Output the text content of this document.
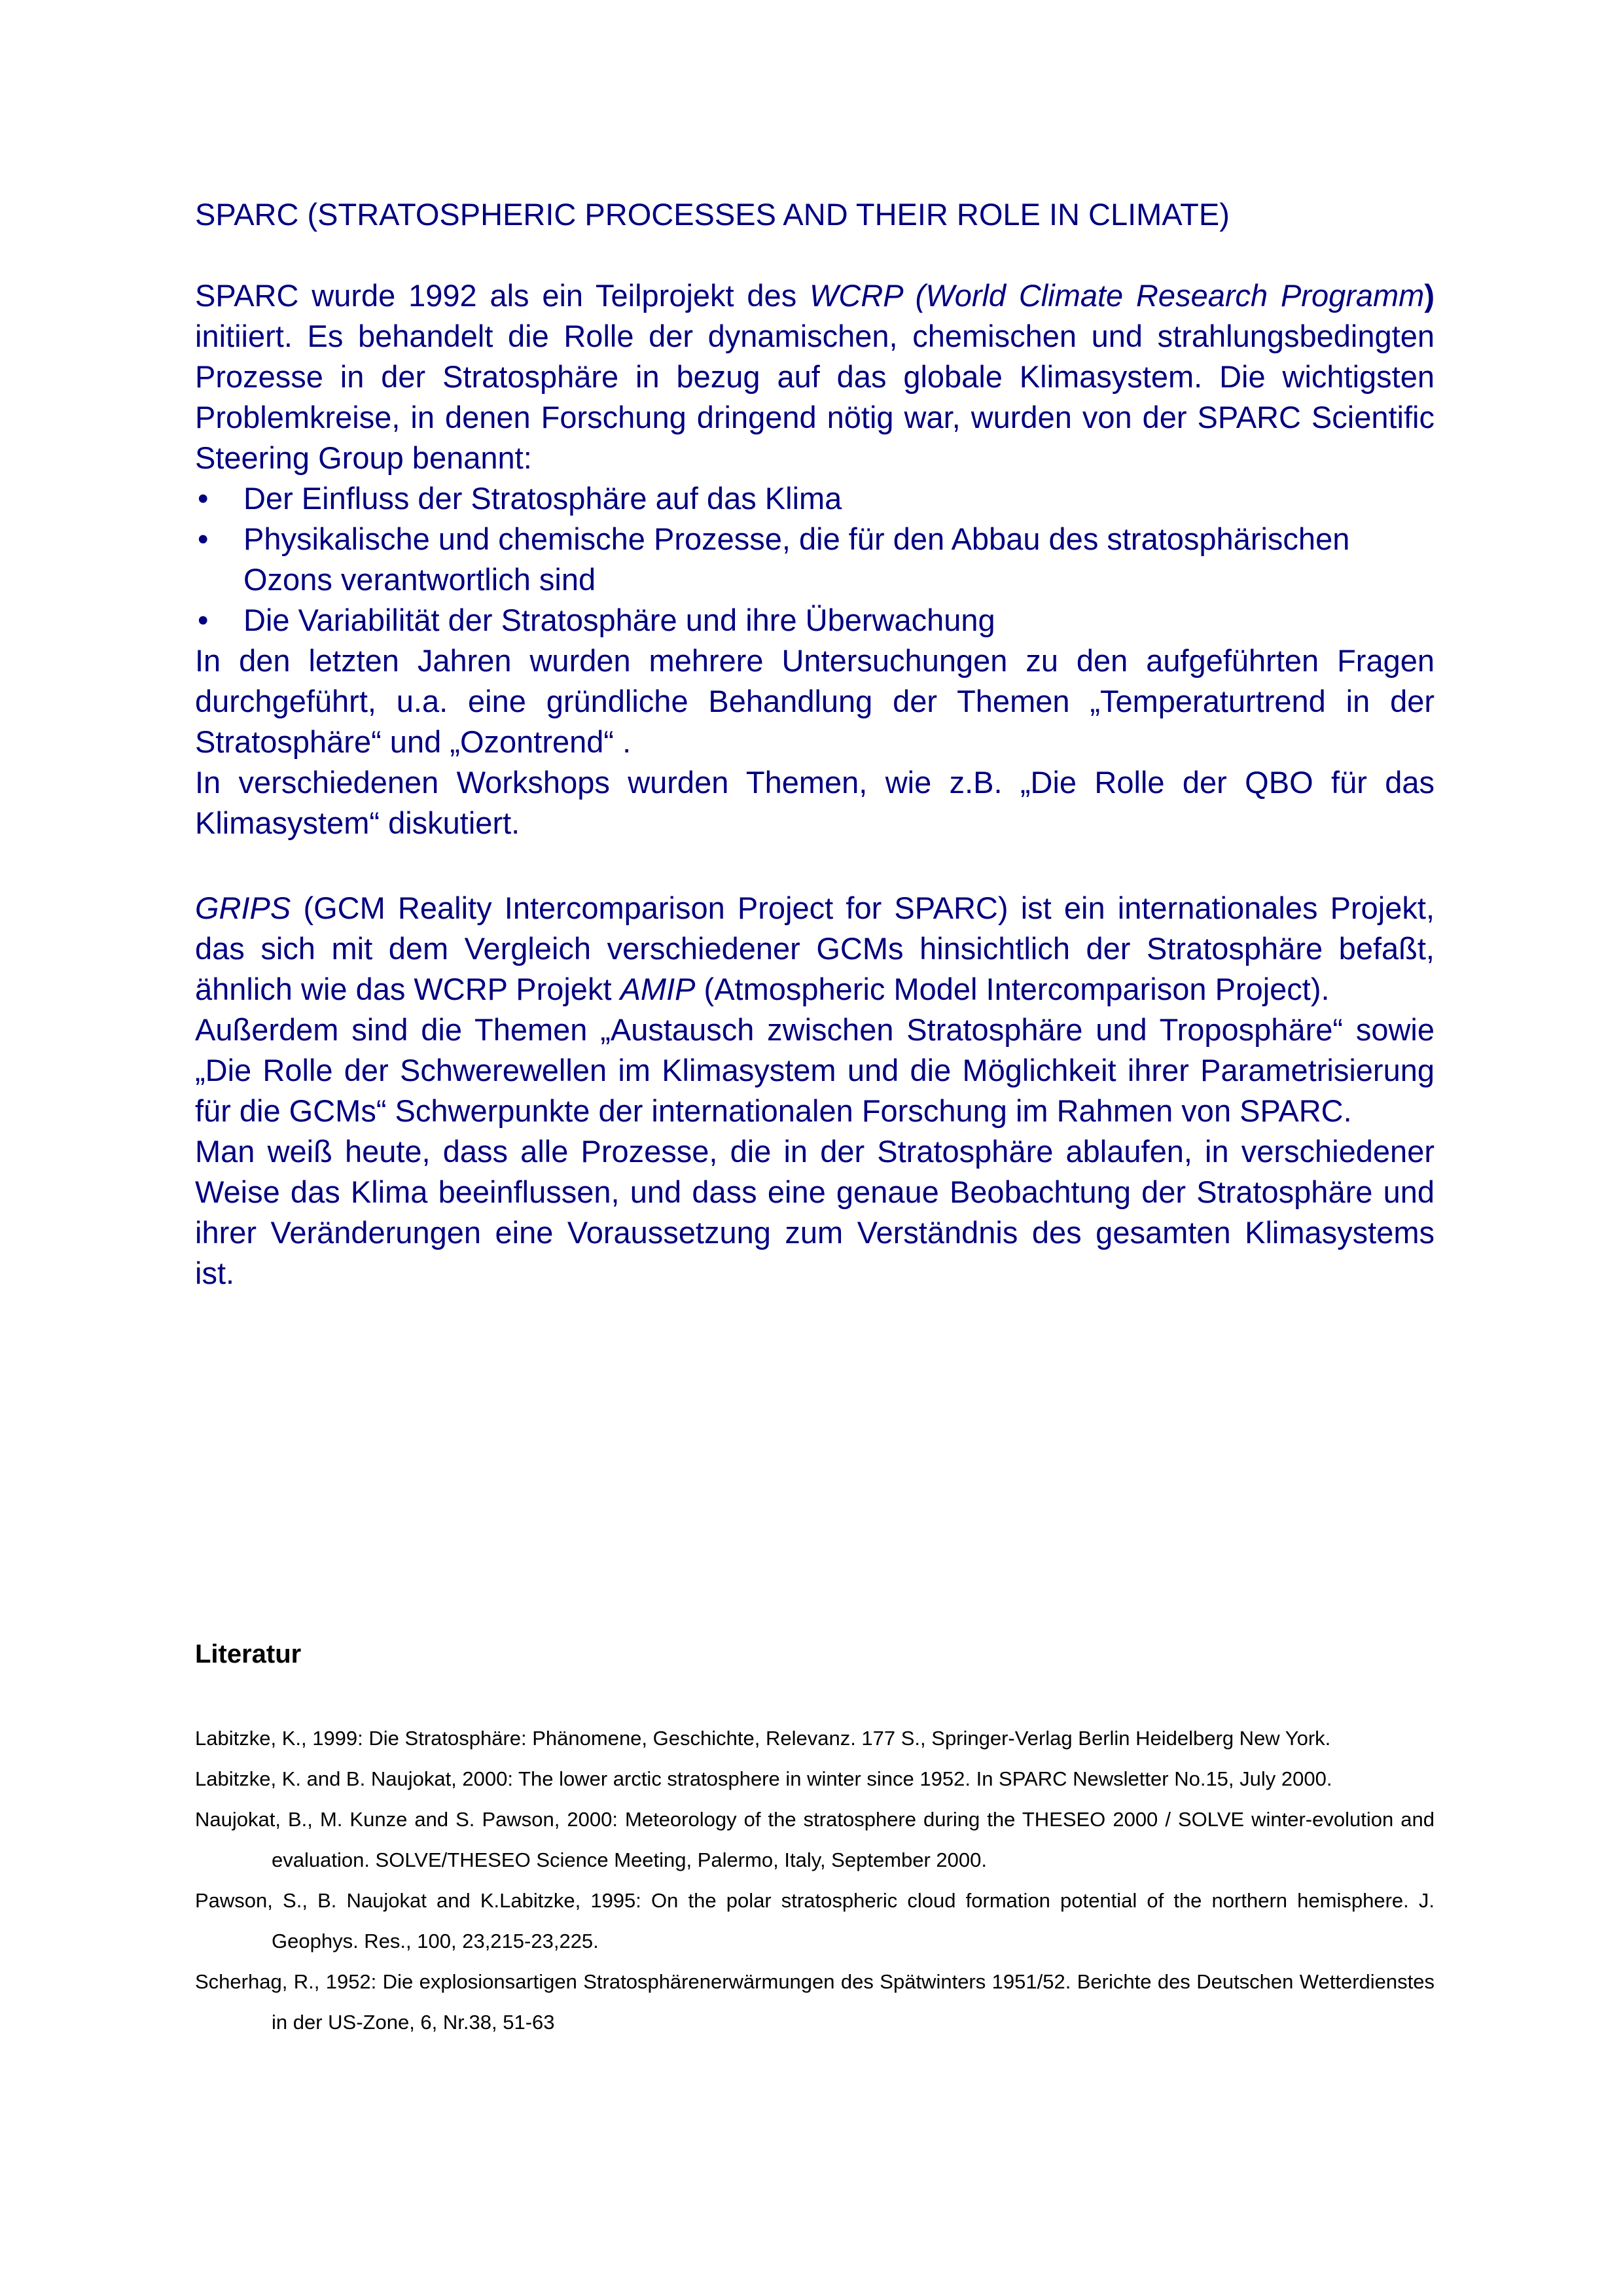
SPARC (STRATOSPHERIC PROCESSES AND THEIR ROLE IN CLIMATE)

SPARC wurde 1992 als ein Teilprojekt des WCRP (World Climate Research Programm) initiiert. Es behandelt die Rolle der dynamischen, chemischen und strahlungsbedingten Prozesse in der Stratosphäre in bezug auf das globale Klimasystem. Die wichtigsten Problemkreise, in denen Forschung dringend nötig war, wurden von der SPARC Scientific Steering Group benannt:

• Der Einfluss der Stratosphäre auf das Klima
• Physikalische und chemische Prozesse, die für den Abbau des stratosphärischen Ozons verantwortlich sind
• Die Variabilität der Stratosphäre und ihre Überwachung

In den letzten Jahren wurden mehrere Untersuchungen zu den aufgeführten Fragen durchgeführt, u.a. eine gründliche Behandlung der Themen „Temperaturtrend in der Stratosphäre“ und „Ozontrend“ .

In verschiedenen Workshops wurden Themen, wie z.B. „Die Rolle der QBO für das Klimasystem“ diskutiert.

GRIPS (GCM Reality Intercomparison Project for SPARC) ist ein internationales Projekt, das sich mit dem Vergleich verschiedener GCMs hinsichtlich der Stratosphäre befaßt, ähnlich wie das WCRP Projekt AMIP (Atmospheric Model Intercomparison Project).

Außerdem sind die Themen „Austausch zwischen Stratosphäre und Troposphäre“ sowie „Die Rolle der Schwerewellen im Klimasystem und die Möglichkeit ihrer Parametrisierung für die GCMs“ Schwerpunkte der internationalen Forschung im Rahmen von SPARC.

Man weiß heute, dass alle Prozesse, die in der Stratosphäre ablaufen, in verschiedener Weise das Klima beeinflussen, und dass eine genaue Beobachtung der Stratosphäre und ihrer Veränderungen eine Voraussetzung zum Verständnis des gesamten Klimasystems ist.

Literatur

Labitzke, K., 1999: Die Stratosphäre: Phänomene, Geschichte, Relevanz. 177 S., Springer-Verlag Berlin Heidelberg New York.

Labitzke, K. and B. Naujokat, 2000: The lower arctic stratosphere in winter since 1952. In SPARC Newsletter No.15, July 2000.

Naujokat, B., M. Kunze and S. Pawson, 2000: Meteorology of the stratosphere during the THESEO 2000 / SOLVE winter-evolution and evaluation. SOLVE/THESEO Science Meeting, Palermo, Italy, September 2000.

Pawson, S., B. Naujokat and K.Labitzke, 1995: On the polar stratospheric cloud formation potential of the northern hemisphere. J. Geophys. Res., 100, 23,215-23,225.

Scherhag, R., 1952: Die explosionsartigen Stratosphärenerwärmungen des Spätwinters 1951/52. Berichte des Deutschen Wetterdienstes in der US-Zone, 6, Nr.38, 51-63
